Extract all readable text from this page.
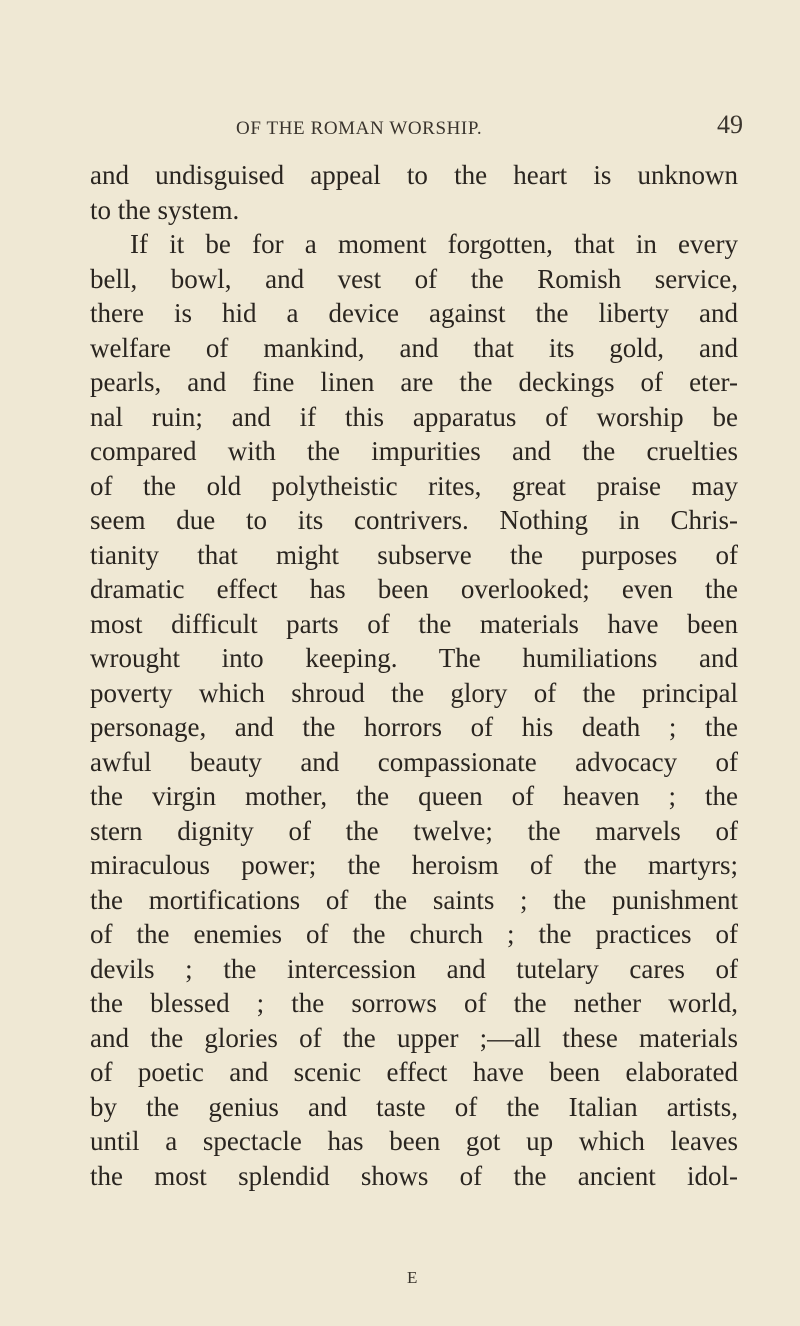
OF THE ROMAN WORSHIP.	49
and undisguised appeal to the heart is unknown
to the system.
If it be for a moment forgotten, that in every
bell, bowl, and vest of the Romish service,
there is hid a device against the liberty and
welfare of mankind, and that its gold, and
pearls, and fine linen are the deckings of eter-
nal ruin; and if this apparatus of worship be
compared with the impurities and the cruelties
of the old polytheistic rites, great praise may
seem due to its contrivers. Nothing in Chris-
tianity that might subserve the purposes of
dramatic effect has been overlooked; even the
most difficult parts of the materials have been
wrought into keeping. The humiliations and
poverty which shroud the glory of the principal
personage, and the horrors of his death ; the
awful beauty and compassionate advocacy of
the virgin mother, the queen of heaven ; the
stern dignity of the twelve; the marvels of
miraculous power; the heroism of the martyrs;
the mortifications of the saints ; the punishment
of the enemies of the church ; the practices of
devils ; the intercession and tutelary cares of
the blessed ; the sorrows of the nether world,
and the glories of the upper ;—all these materials
of poetic and scenic effect have been elaborated
by the genius and taste of the Italian artists,
until a spectacle has been got up which leaves
the most splendid shows of the ancient idol-
E
